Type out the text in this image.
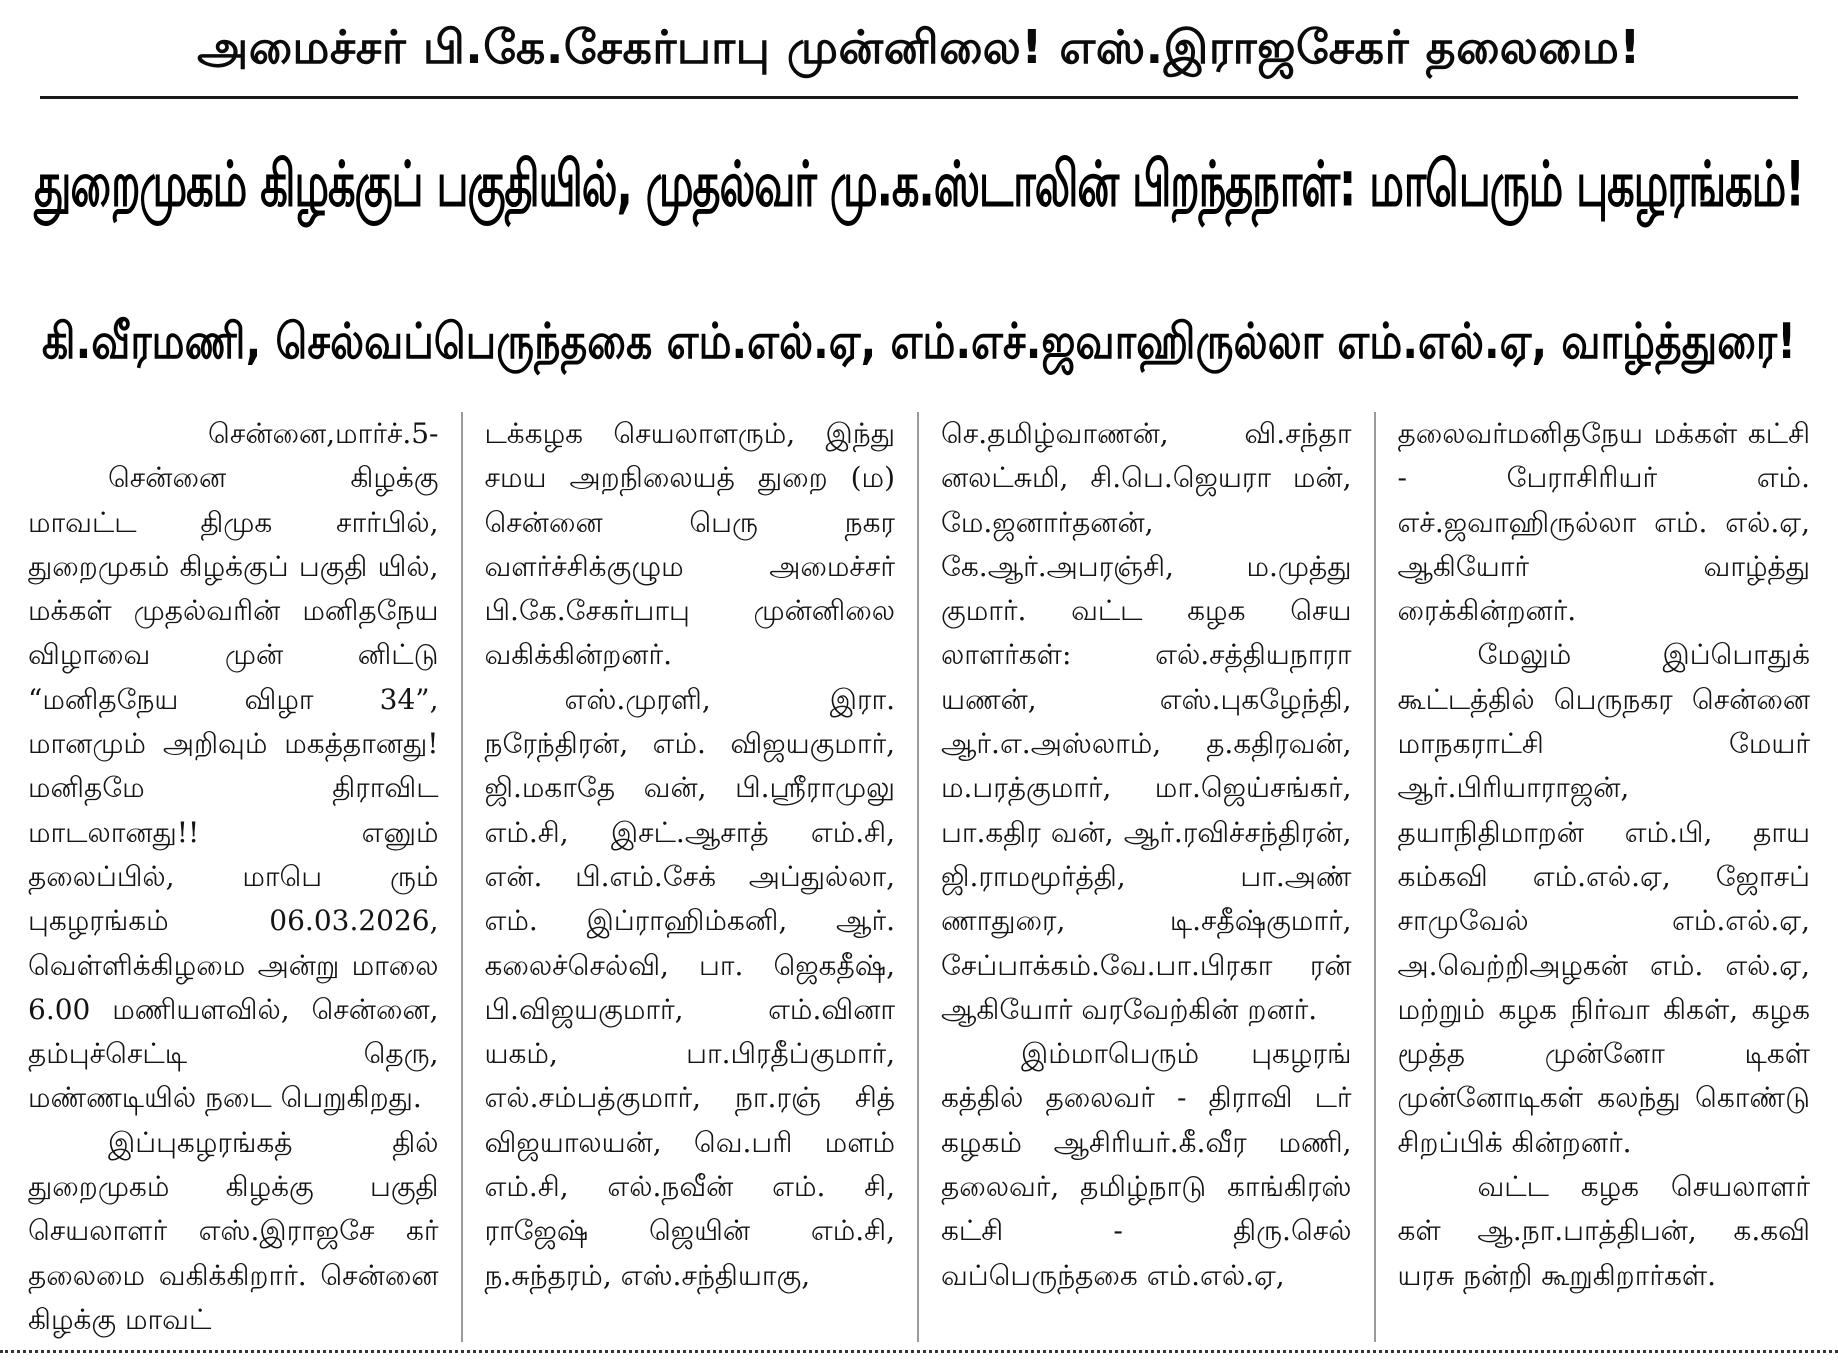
அமைச்சர் பி.கே.சேகர்பாபு முன்னிலை! எஸ்.இராஜசேகர் தலைமை!
துறைமுகம் கிழக்குப் பகுதியில், முதல்வர் மு.க.ஸ்டாலின் பிறந்தநாள்: மாபெரும் புகழரங்கம்!
கி.வீரமணி, செல்வப்பெருந்தகை எம்.எல்.ஏ, எம்.எச்.ஜவாஹிருல்லா எம்.எல்.ஏ, வாழ்த்துரை!

சென்னை,மார்ச்.5-

சென்னை கிழக்கு மாவட்ட திமுக சார்பில், துறைமுகம் கிழக்குப் பகுதி யில், மக்கள் முதல்வரின் மனிதநேய விழாவை முன் னிட்டு “மனிதநேய விழா 34”, மானமும் அறிவும் மகத்தானது! மனிதமே திராவிட மாடலானது!! எனும் தலைப்பில், மாபெ ரும் புகழரங்கம் 06.03.2026, வெள்ளிக்கிழமை அன்று மாலை 6.00 மணியளவில், சென்னை, தம்புச்செட்டி தெரு, மண்ணடியில் நடை பெறுகிறது.

இப்புகழரங்கத் தில் துறைமுகம் கிழக்கு பகுதி செயலாளர் எஸ்.இராஜசே கர் தலைமை வகிக்கிறார். சென்னை கிழக்கு மாவட்

டக்கழக செயலாளரும், இந்து சமய அறநிலையத் துறை (ம) சென்னை பெரு நகர வளர்ச்சிக்குழும அமைச்சர் பி.கே.சேகர்பாபு முன்னிலை வகிக்கின்றனர்.

எஸ்.முரளி, இரா. நரேந்திரன், எம். விஜயகுமார், ஜி.மகாதே வன், பி.ஸ்ரீராமுலு எம்.சி, இசட்.ஆசாத் எம்.சி, என். பி.எம்.சேக் அப்துல்லா, எம். இப்ராஹிம்கனி, ஆர். கலைச்செல்வி, பா. ஜெகதீஷ், பி.விஜயகுமார், எம்.வினா யகம், பா.பிரதீப்குமார், எல்.சம்பத்குமார், நா.ரஞ் சித் விஜயாலயன், வெ.பரி மளம் எம்.சி, எல்.நவீன் எம். சி, ராஜேஷ் ஜெயின் எம்.சி, ந.சுந்தரம், எஸ்.சந்தியாகு,

செ.தமிழ்வாணன், வி.சந்தா னலட்சுமி, சி.பெ.ஜெயரா மன், மே.ஜனார்தனன், கே.ஆர்.அபரஞ்சி, ம.முத்து குமார். வட்ட கழக செய லாளர்கள்: எல்.சத்தியநாரா யணன், எஸ்.புகழேந்தி, ஆர்.எ.அஸ்லாம், த.கதிரவன், ம.பரத்குமார், மா.ஜெய்சங்கர், பா.கதிர வன், ஆர்.ரவிச்சந்திரன், ஜி.ராமமூர்த்தி, பா.அண் ணாதுரை, டி.சதீஷ்குமார், சேப்பாக்கம்.வே.பா.பிரகா ரன் ஆகியோர் வரவேற்கின் றனர்.

இம்மாபெரும் புகழரங் கத்தில் தலைவர் - திராவி டர் கழகம் ஆசிரியர்.கீ.வீர மணி, தலைவர், தமிழ்நாடு காங்கிரஸ் கட்சி - திரு.செல் வப்பெருந்தகை எம்.எல்.ஏ,

தலைவர்மனிதநேய மக்கள் கட்சி - பேராசிரியர் எம். எச்.ஜவாஹிருல்லா எம். எல்.ஏ, ஆகியோர் வாழ்த்து ரைக்கின்றனர்.

மேலும் இப்பொதுக் கூட்டத்தில் பெருநகர சென்னை மாநகராட்சி மேயர் ஆர்.பிரியாராஜன், தயாநிதிமாறன் எம்.பி, தாய கம்கவி எம்.எல்.ஏ, ஜோசப் சாமுவேல் எம்.எல்.ஏ, அ.வெற்றிஅழகன் எம். எல்.ஏ, மற்றும் கழக நிர்வா கிகள், கழக மூத்த முன்னோ டிகள் முன்னோடிகள் கலந்து கொண்டு சிறப்பிக் கின்றனர்.

வட்ட கழக செயலாளர் கள் ஆ.நா.பாத்திபன், க.கவி யரசு நன்றி கூறுகிறார்கள்.
